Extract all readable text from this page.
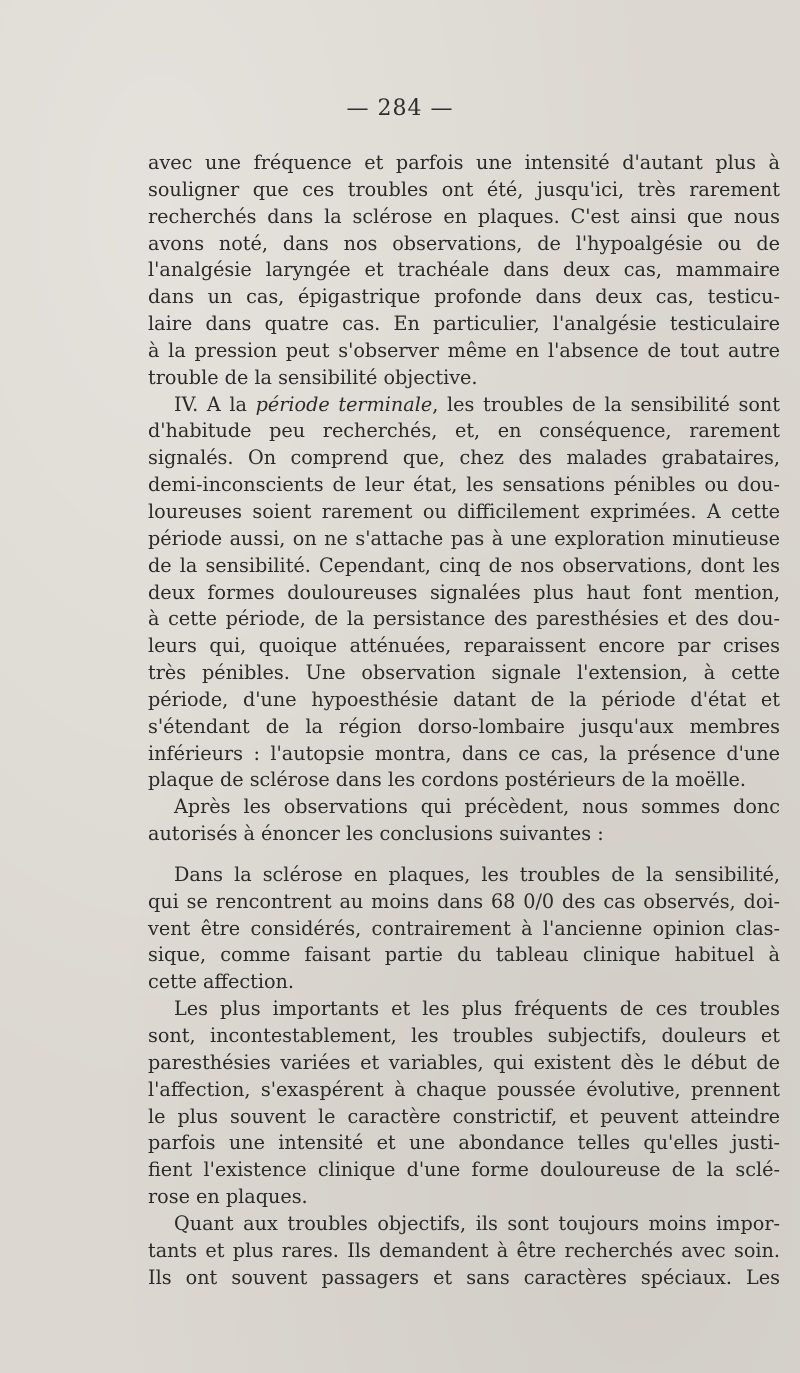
— 284 —
avec une fréquence et parfois une intensité d'autant plus à
souligner que ces troubles ont été, jusqu'ici, très rarement
recherchés dans la sclérose en plaques. C'est ainsi que nous
avons noté, dans nos observations, de l'hypoalgésie ou de
l'analgésie laryngée et trachéale dans deux cas, mammaire
dans un cas, épigastrique profonde dans deux cas, testicu-
laire dans quatre cas. En particulier, l'analgésie testiculaire
à la pression peut s'observer même en l'absence de tout autre
trouble de la sensibilité objective.
IV. A la période terminale, les troubles de la sensibilité sont
d'habitude peu recherchés, et, en conséquence, rarement
signalés. On comprend que, chez des malades grabataires,
demi-inconscients de leur état, les sensations pénibles ou dou-
loureuses soient rarement ou difficilement exprimées. A cette
période aussi, on ne s'attache pas à une exploration minutieuse
de la sensibilité. Cependant, cinq de nos observations, dont les
deux formes douloureuses signalées plus haut font mention,
à cette période, de la persistance des paresthésies et des dou-
leurs qui, quoique atténuées, reparaissent encore par crises
très pénibles. Une observation signale l'extension, à cette
période, d'une hypoesthésie datant de la période d'état et
s'étendant de la région dorso-lombaire jusqu'aux membres
inférieurs : l'autopsie montra, dans ce cas, la présence d'une
plaque de sclérose dans les cordons postérieurs de la moëlle.
Après les observations qui précèdent, nous sommes donc
autorisés à énoncer les conclusions suivantes :
Dans la sclérose en plaques, les troubles de la sensibilité,
qui se rencontrent au moins dans 68 0/0 des cas observés, doi-
vent être considérés, contrairement à l'ancienne opinion clas-
sique, comme faisant partie du tableau clinique habituel à
cette affection.
Les plus importants et les plus fréquents de ces troubles
sont, incontestablement, les troubles subjectifs, douleurs et
paresthésies variées et variables, qui existent dès le début de
l'affection, s'exaspérent à chaque poussée évolutive, prennent
le plus souvent le caractère constrictif, et peuvent atteindre
parfois une intensité et une abondance telles qu'elles justi-
fient l'existence clinique d'une forme douloureuse de la sclé-
rose en plaques.
Quant aux troubles objectifs, ils sont toujours moins impor-
tants et plus rares. Ils demandent à être recherchés avec soin.
Ils ont souvent passagers et sans caractères spéciaux. Les
